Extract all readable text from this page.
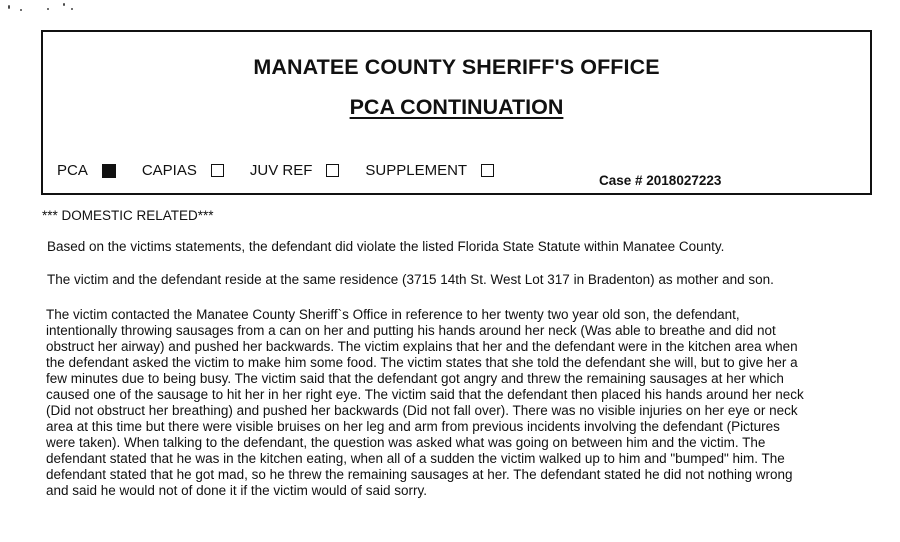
MANATEE COUNTY SHERIFF'S OFFICE
PCA CONTINUATION
PCA	CAPIAS	JUV REF	SUPPLEMENT
Case # 2018027223
*** DOMESTIC RELATED***
Based on the victims statements, the defendant did violate the listed Florida State Statute within Manatee County.
The victim and the defendant reside at the same residence (3715 14th St. West Lot 317 in Bradenton) as mother and son.
The victim contacted the Manatee County Sheriff`s Office in reference to her twenty two year old son, the defendant,
intentionally throwing sausages from a can on her and putting his hands around her neck (Was able to breathe and did not
obstruct her airway) and pushed her backwards. The victim explains that her and the defendant were in the kitchen area when
the defendant asked the victim to make him some food. The victim states that she told the defendant she will, but to give her a
few minutes due to being busy. The victim said that the defendant got angry and threw the remaining sausages at her which
caused one of the sausage to hit her in her right eye. The victim said that the defendant then placed his hands around her neck
(Did not obstruct her breathing) and pushed her backwards (Did not fall over). There was no visible injuries on her eye or neck
area at this time but there were visible bruises on her leg and arm from previous incidents involving the defendant (Pictures
were taken). When talking to the defendant, the question was asked what was going on between him and the victim. The
defendant stated that he was in the kitchen eating, when all of a sudden the victim walked up to him and "bumped" him. The
defendant stated that he got mad, so he threw the remaining sausages at her. The defendant stated he did not nothing wrong
and said he would not of done it if the victim would of said sorry.
